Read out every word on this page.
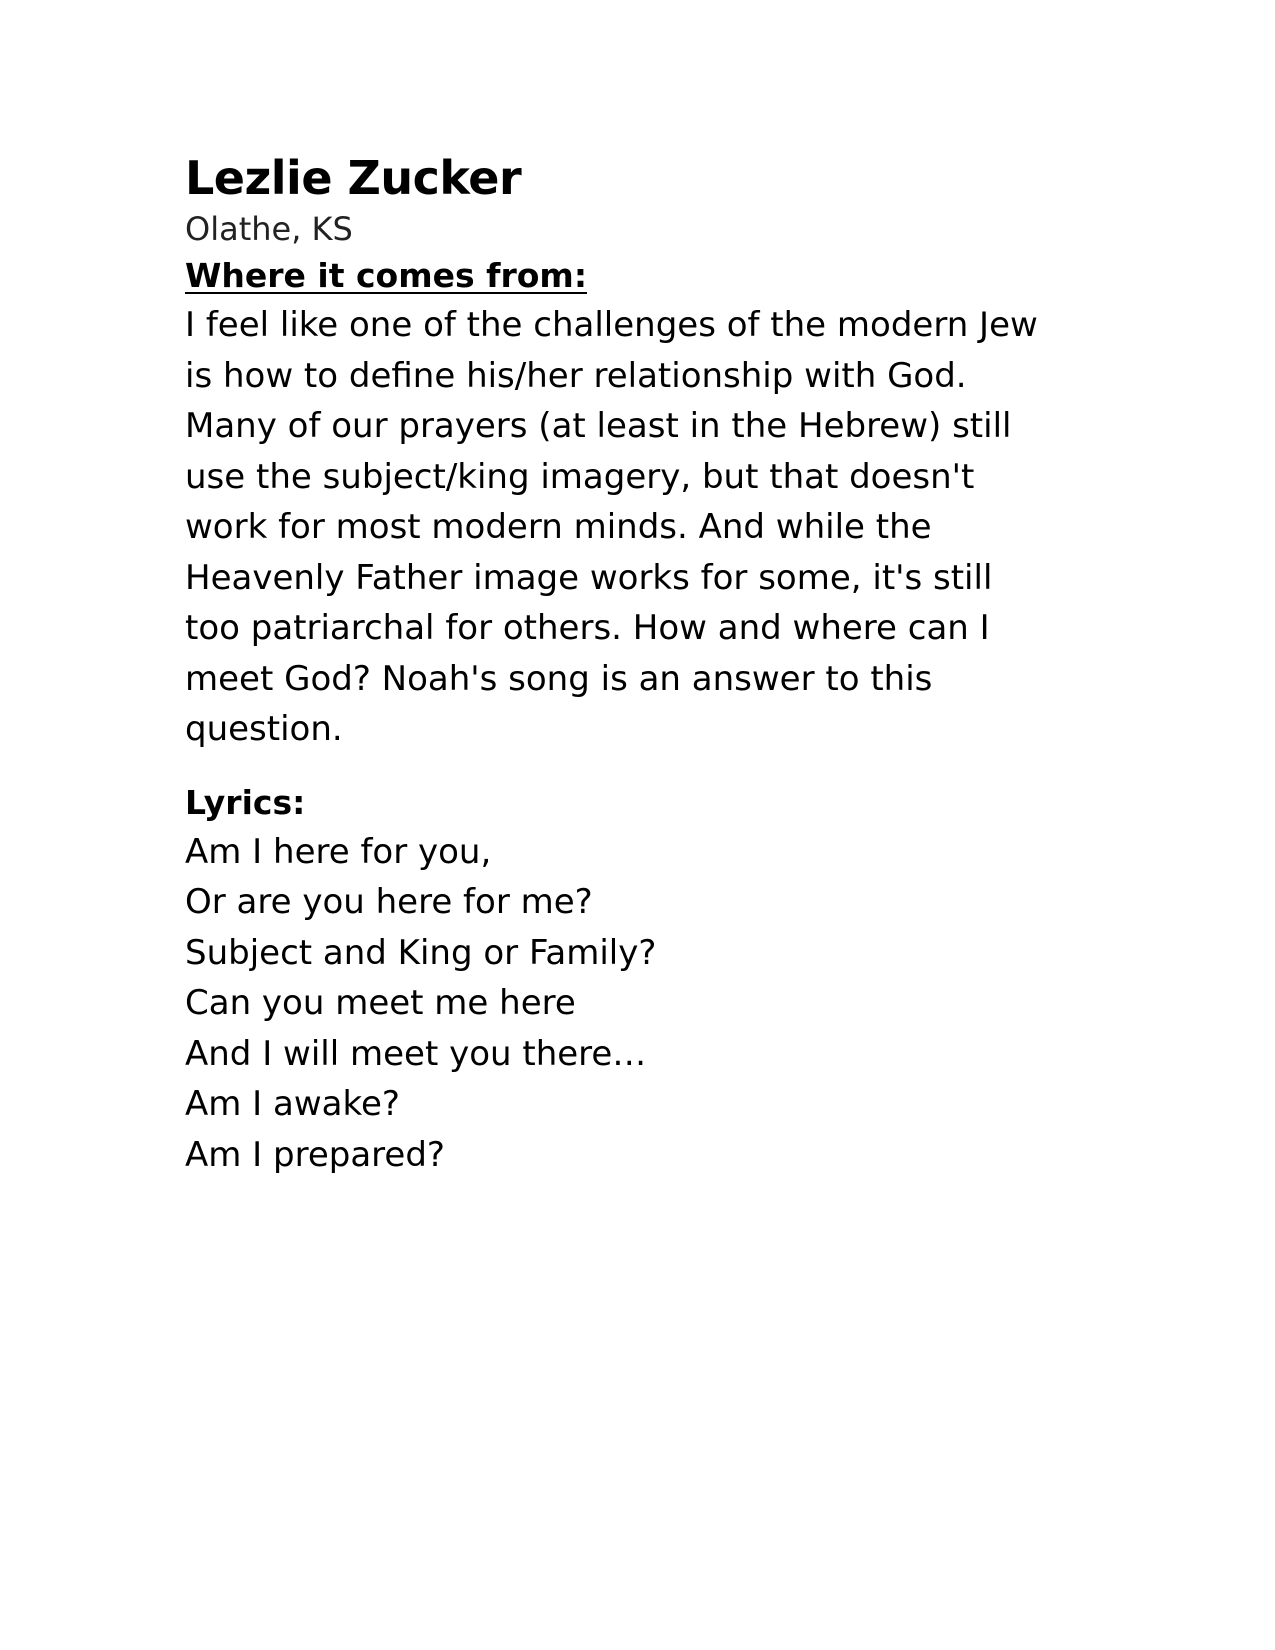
Lezlie Zucker

Olathe, KS

Where it comes from:

I feel like one of the challenges of the modern Jew is how to define his/her relationship with God. Many of our prayers (at least in the Hebrew) still use the subject/king imagery, but that doesn't work for most modern minds. And while the Heavenly Father image works for some, it's still too patriarchal for others. How and where can I meet God? Noah's song is an answer to this question.

Lyrics:
Am I here for you,
Or are you here for me?
Subject and King or Family?
Can you meet me here
And I will meet you there…
Am I awake?
Am I prepared?
